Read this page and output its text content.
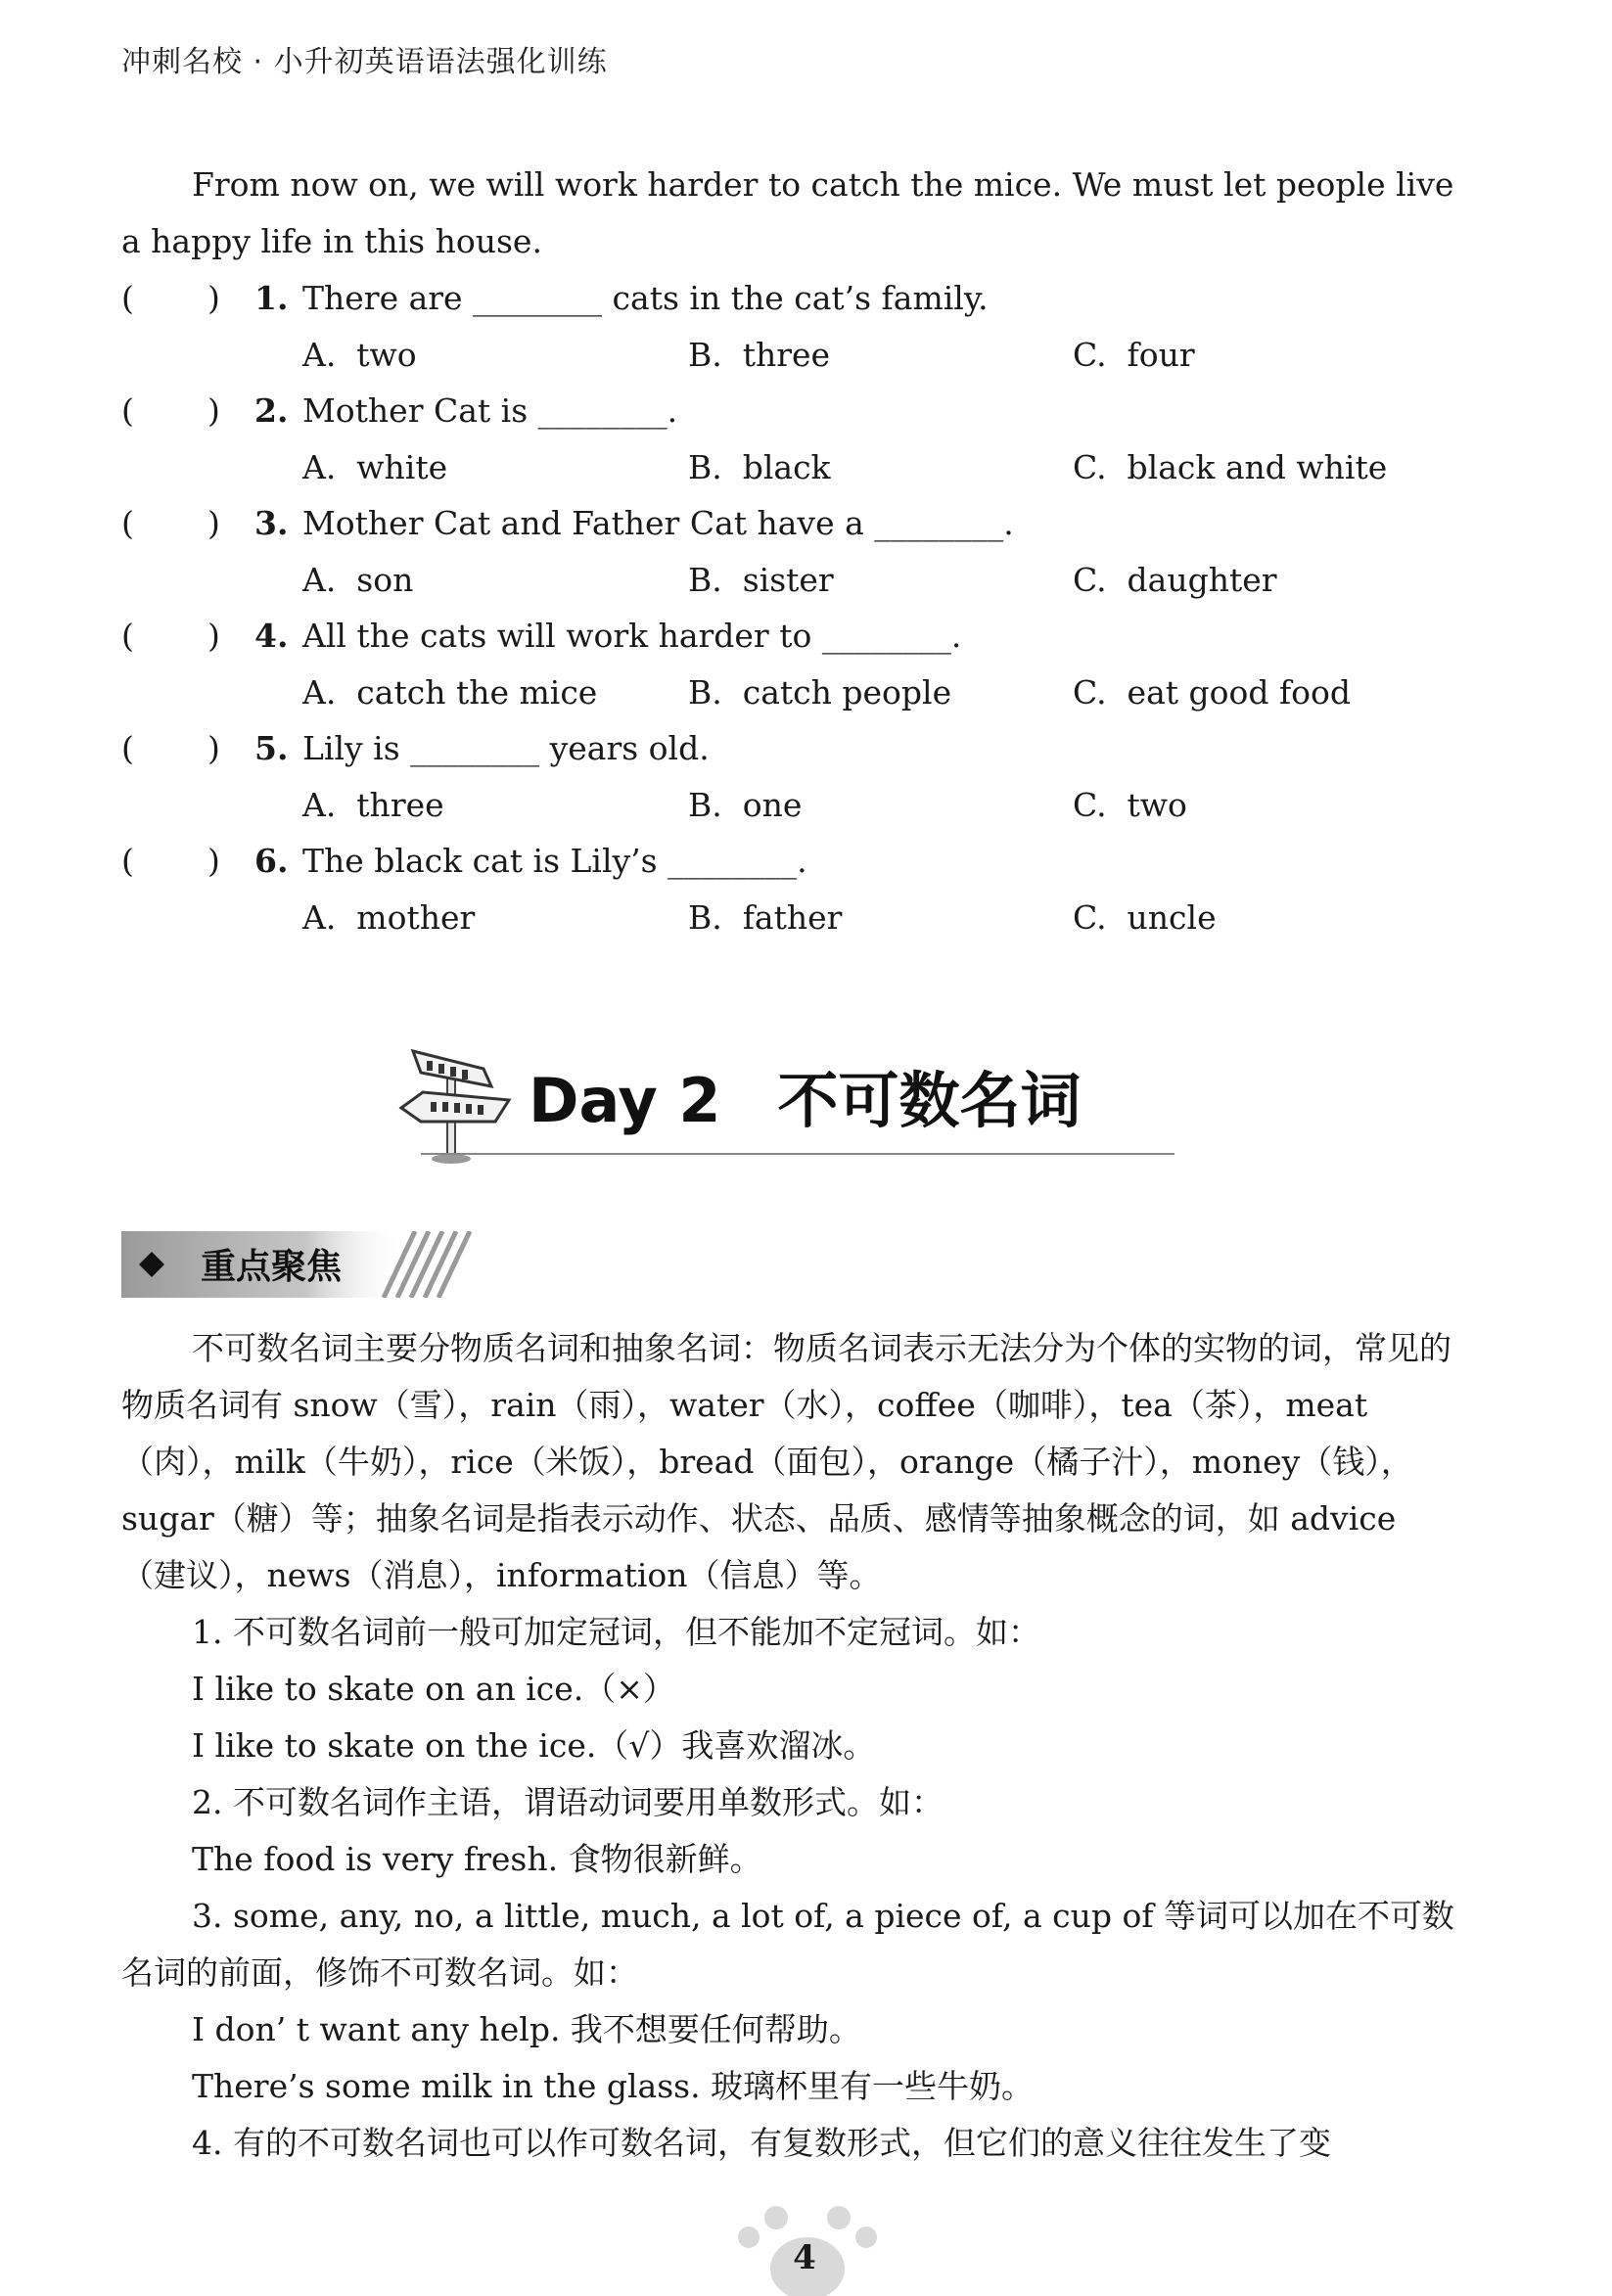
冲刺名校 · 小升初英语语法强化训练

From now on, we will work harder to catch the mice. We must let people live a happy life in this house.

( ) 1. There are ________ cats in the cat’s family.
A.  two	B.  three	C.  four
( ) 2. Mother Cat is ________.
A.  white	B.  black	C.  black and white
( ) 3. Mother Cat and Father Cat have a ________.
A.  son	B.  sister	C.  daughter
( ) 4. All the cats will work harder to ________.
A.  catch the mice	B.  catch people	C.  eat good food
( ) 5. Lily is ________ years old.
A.  three	B.  one	C.  two
( ) 6. The black cat is Lily’s ________.
A.  mother	B.  father	C.  uncle
Day 2 不可数名词
重点聚焦

不可数名词主要分物质名词和抽象名词：物质名词表示无法分为个体的实物的词，常见的物质名词有 snow（雪），rain（雨），water（水），coffee（咖啡），tea（茶），meat（肉），milk（牛奶），rice（米饭），bread（面包），orange（橘子汁），money（钱），sugar（糖）等；抽象名词是指表示动作、状态、品质、感情等抽象概念的词，如 advice（建议），news（消息），information（信息）等。

1. 不可数名词前一般可加定冠词，但不能加不定冠词。如：

I like to skate on an ice.（×）

I like to skate on the ice.（√）我喜欢溜冰。

2. 不可数名词作主语，谓语动词要用单数形式。如：

The food is very fresh. 食物很新鲜。

3. some, any, no, a little, much, a lot of, a piece of, a cup of 等词可以加在不可数名词的前面，修饰不可数名词。如：

I don’ t want any help. 我不想要任何帮助。

There’s some milk in the glass. 玻璃杯里有一些牛奶。

4. 有的不可数名词也可以作可数名词，有复数形式，但它们的意义往往发生了变

4
